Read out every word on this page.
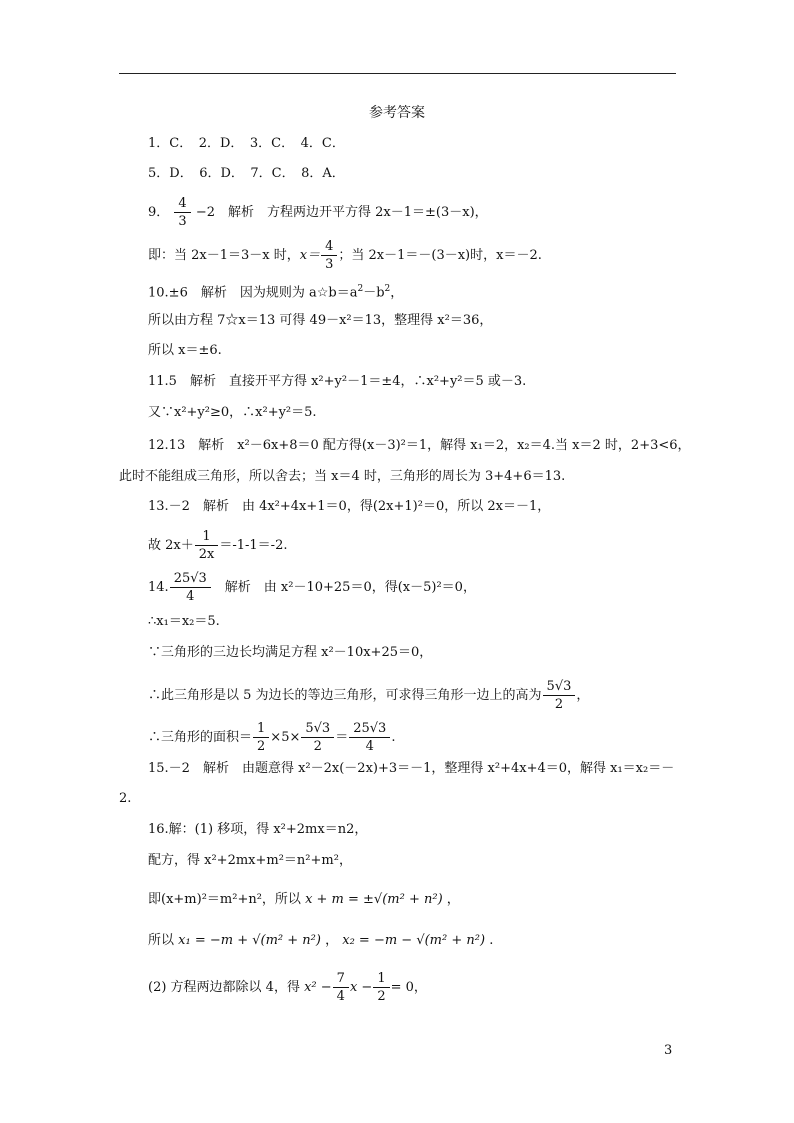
参考答案
1．C．　2．D．　3．C．　4．C．
5．D．　6．D．　7．C．　8．A．
9． $\frac{4}{3} -2$　解析　方程两边开平方得 2x－1＝±(3－x)，
即：当 2x－1＝3－x 时，$x= \frac{4}{3}$ ；当 2x－1＝－(3－x)时，x＝－2.
10.±6　解析　因为规则为 $a☆b=a^2-b^2$，
所以由方程 7☆x＝13 可得 49－x²＝13，整理得 x²＝36，
所以 x＝±6.
11.5　解析　直接开平方得 x²+y²－1＝±4，∴x²+y²＝5 或－3.
又∵x²+y²≥0，∴x²+y²＝5.
12.13　解析　x²－6x+8＝0 配方得(x－3)²＝1，解得 x₁＝2，x₂＝4.当 x＝2 时，2+3<6，
此时不能组成三角形，所以舍去；当 x＝4 时，三角形的周长为 3+4+6＝13.
13.－2　解析　由 4x²+4x+1＝0，得(2x+1)²＝0，所以 2x＝－1，
故 $2x+ \frac{1}{2x} =-1-1=-2$.
14. $\frac{25√3}{4}$ 　解析　由 x²－10+25＝0，得(x－5)²＝0，
∴x₁＝x₂＝5.
∵三角形的三边长均满足方程 x²－10x+25＝0，
∴此三角形是以 5 为边长的等边三角形，可求得三角形一边上的高为 $\frac{5√3}{2}$ ，
∴三角形的面积＝ $\frac{1}{2} \times 5\times \frac{5√3}{2} = \frac{25√3}{4}$ .
15.－2　解析　由题意得 x²－2x(－2x)+3＝－1，整理得 x²+4x+4＝0，解得 x₁＝x₂＝－
2.
16.解：(1) 移项，得 x²+2mx＝n2，
配方，得 x²+2mx+m²＝n²+m²，
即(x+m)²＝m²+n²，所以 x + m = ±√(m² + n²) ，
所以 x₁ = −m + √(m² + n²) ， x₂ = −m − √(m² + n²) .
(2) 方程两边都除以 4，得 $x^2 - \frac{7}{4}$ $x - \frac{1}{2} = 0$，
3
